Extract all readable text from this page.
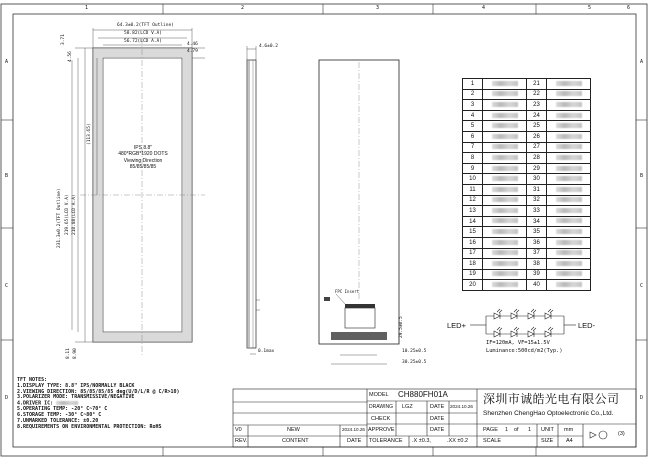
1	2	3	4	5	6
A
B
C
D
A
B
C
D
64.3±0.2(TFT Outline)
58.82(LCD V.A)
56.72(LCD A.A)
4.46
4.79
3.71
4.56
(113.65)
231.3±0.2(TFT Outline) 219.65(LCD V.A) 218.88(LCD A.A)
8.11 8.90
IPS 8.8"
480*RGB*1920 DOTS
Viewing Direction
85/85/85/85
4.6±0.2
0.1max
FPC Insert
29.5±0.5
10.25±0.5
30.25±0.5
1		21	
2		22	
3		23	
4		24	
5		25	
6		26	
7		27	
8		28	
9		29	
10		30	
11		31	
12		32	
13		33	
14		34	
15		35	
16		36	
17		37	
18		38	
19		39	
20		40	
LED+	LED-
IF=120mA, VF=15±1.5V
Luminance:500cd/m2(Typ.)
TFT NOTES:
1.DISPLAY TYPE: 8.8" IPS/NORMALLY BLACK
2.VIEWING DIRECTION: 85/85/85/85 deg(U/D/L/R @ C/R>10)
3.POLARIZER MODE: TRANSMISSIVE/NEGATIVE
4.DRIVER IC:
5.OPERATING TEMP: -20° C~70° C
6.STORAGE TEMP: -30° C~80° C
7.UNMARKED TOLERANCE: ±0.20
8.REQUIREMENTS ON ENVIRONMENTAL PROTECTION: RoHS
V0	NEW	2024.10.26 APPROVE
REV.	CONTENT	DATE
MODEL CH880FH01A
DRAWING LGZ	DATE 2024.10.26
CHECK	DATE
DATE
TOLERANCE .X ±0.3,	.XX ±0.2
深圳市诚皓光电有限公司
Shenzhen ChengHao Optoelectronic Co.,Ltd.
PAGE 1 of 1 UNIT mm
SCALE	SIZE A4
(3)
